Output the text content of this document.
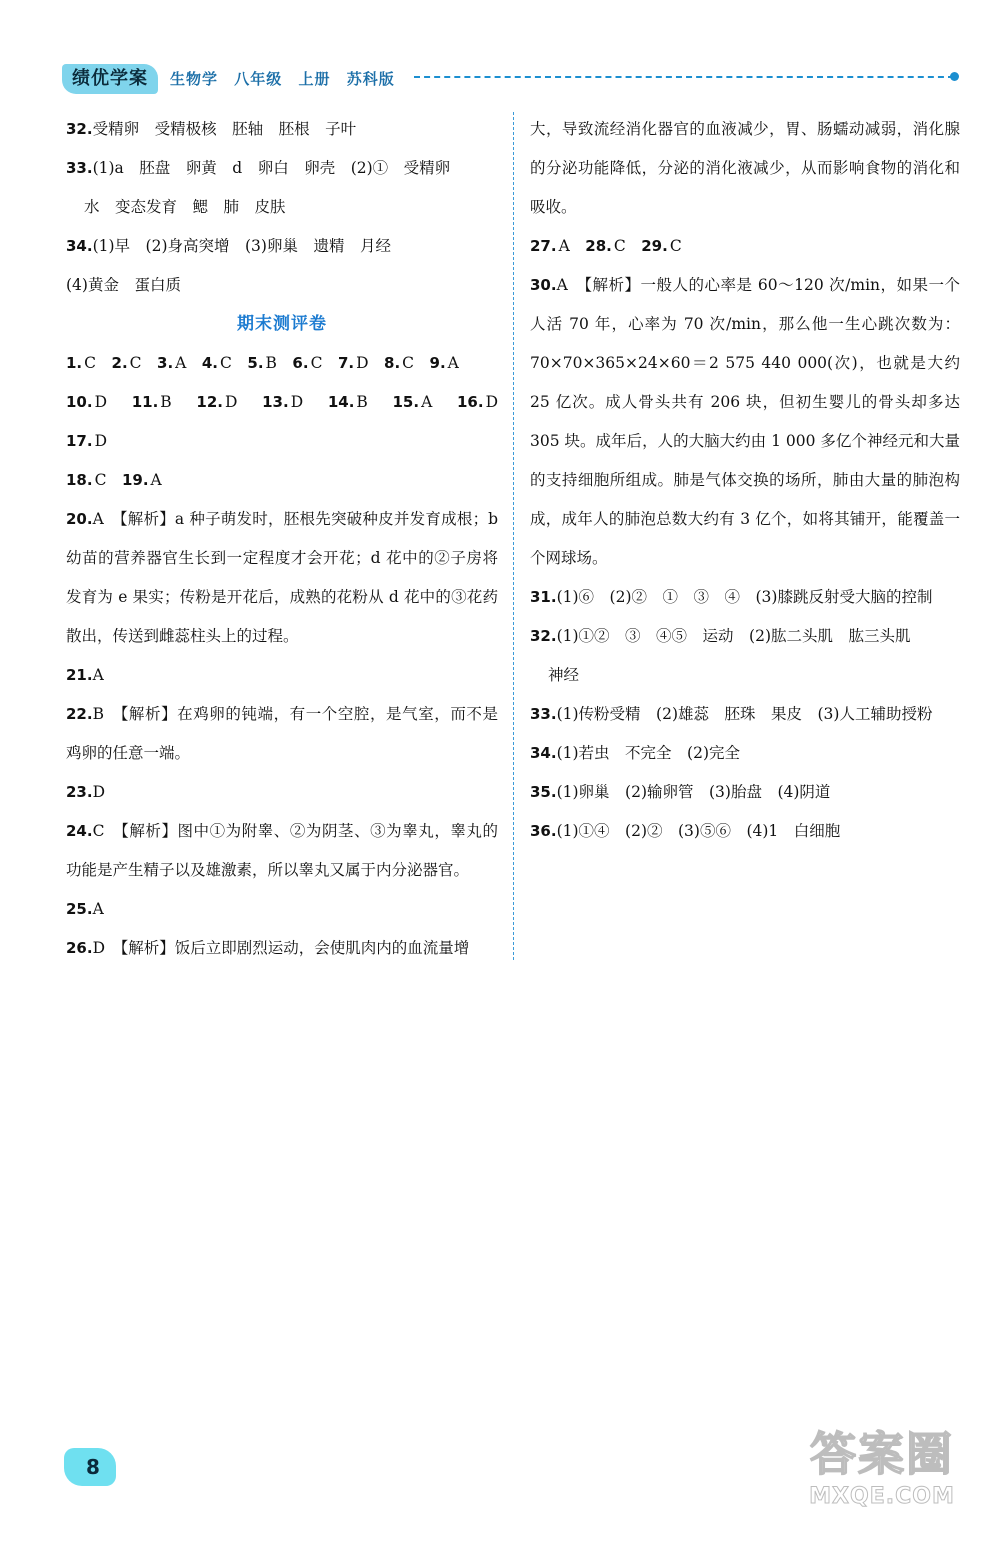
绩优学案	生物学 八年级 上册 苏科版

32.受精卵　受精极核　胚轴　胚根　子叶

33.(1)a　胚盘　卵黄　d　卵白　卵壳　(2)①　受精卵

水　变态发育　鳃　肺　皮肤

34.(1)早　(2)身高突增　(3)卵巢　遗精　月经

(4)黄金　蛋白质

期末测评卷

1. C　2. C　3. A　4. C　5. B　6. C　7. D　8. C　9. A

10. D　11. B　12. D　13. D　14. B　15. A　16. D　17. D

18. C　19. A

20.A　【解析】a 种子萌发时，胚根先突破种皮并发育成根；b 幼苗的营养器官生长到一定程度才会开花；d 花中的②子房将发育为 e 果实；传粉是开花后，成熟的花粉从 d 花中的③花药散出，传送到雌蕊柱头上的过程。

21.A

22.B　【解析】在鸡卵的钝端，有一个空腔，是气室，而不是鸡卵的任意一端。

23.D

24.C　【解析】图中①为附睾、②为阴茎、③为睾丸，睾丸的功能是产生精子以及雄激素，所以睾丸又属于内分泌器官。

25.A

26.D　【解析】饭后立即剧烈运动，会使肌肉内的血流量增

大，导致流经消化器官的血液减少，胃、肠蠕动减弱，消化腺的分泌功能降低，分泌的消化液减少，从而影响食物的消化和吸收。

27. A　28. C　29. C

30.A　【解析】一般人的心率是 60～120 次/min，如果一个人活 70 年，心率为 70 次/min，那么他一生心跳次数为：70×70×365×24×60＝2 575 440 000(次)，也就是大约 25 亿次。成人骨头共有 206 块，但初生婴儿的骨头却多达 305 块。成年后，人的大脑大约由 1 000 多亿个神经元和大量的支持细胞所组成。肺是气体交换的场所，肺由大量的肺泡构成，成年人的肺泡总数大约有 3 亿个，如将其铺开，能覆盖一个网球场。

31.(1)⑥　(2)②　①　③　④　(3)膝跳反射受大脑的控制

32.(1)①②　③　④⑤　运动　(2)肱二头肌　肱三头肌

神经

33.(1)传粉受精　(2)雄蕊　胚珠　果皮　(3)人工辅助授粉

34.(1)若虫　不完全　(2)完全

35.(1)卵巢　(2)输卵管　(3)胎盘　(4)阴道

36.(1)①④　(2)②　(3)⑤⑥　(4)1　白细胞

8	答案圈
MXQE.COM
